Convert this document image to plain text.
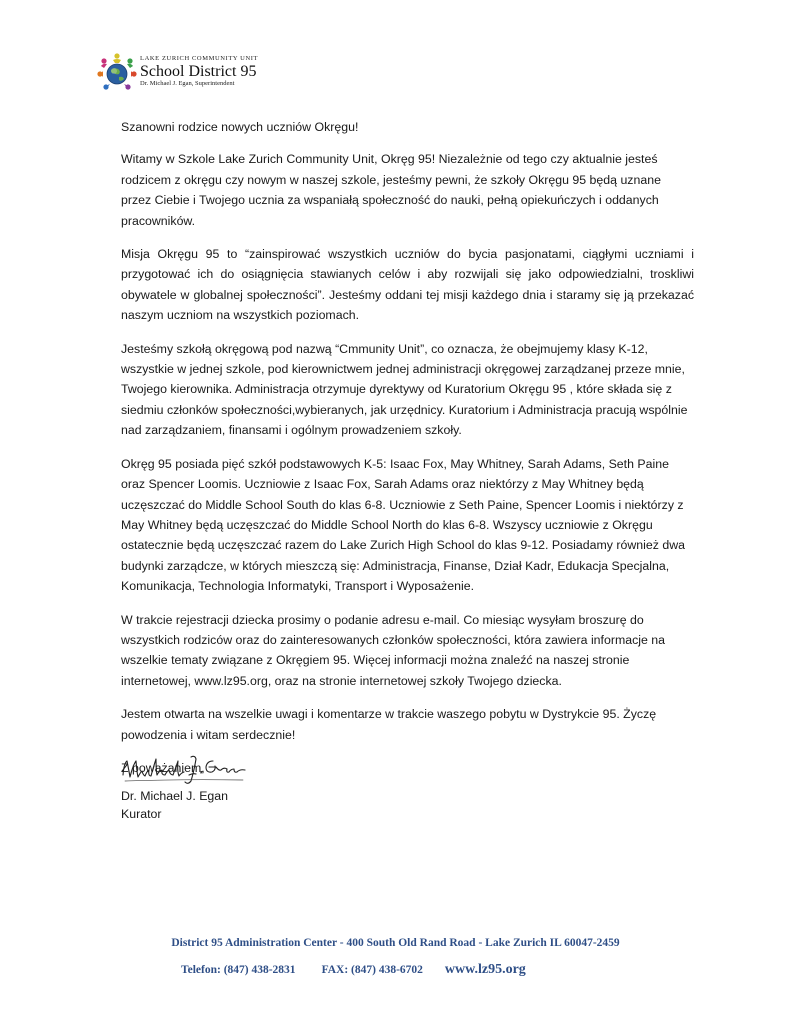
LAKE ZURICH COMMUNITY UNIT
School District 95
Dr. Michael J. Egan, Superintendent

Szanowni rodzice nowych uczniów Okręgu!

Witamy w Szkole Lake Zurich Community Unit, Okręg 95! Niezależnie od tego czy aktualnie jesteś rodzicem z okręgu czy nowym w naszej szkole, jesteśmy pewni, że szkoły Okręgu 95 będą uznane przez Ciebie i Twojego ucznia za wspaniałą społeczność do nauki, pełną opiekuńczych i oddanych pracowników.

Misja Okręgu 95 to “zainspirować wszystkich uczniów do bycia pasjonatami, ciągłymi uczniami i przygotować ich do osiągnięcia stawianych celów i aby rozwijali się jako odpowiedzialni, troskliwi obywatele w globalnej społeczności”. Jesteśmy oddani tej misji każdego dnia i staramy się ją przekazać naszym uczniom na wszystkich poziomach.

Jesteśmy szkołą okręgową pod nazwą “Cmmunity Unit”, co oznacza, że obejmujemy klasy K-12, wszystkie w jednej szkole, pod kierownictwem jednej administracji okręgowej zarządzanej przeze mnie, Twojego kierownika. Administracja otrzymuje dyrektywy od Kuratorium Okręgu 95 , które składa się z siedmiu członków społeczności,wybieranych, jak urzędnicy. Kuratorium i Administracja pracują wspólnie nad zarządzaniem, finansami i ogólnym prowadzeniem szkoły.

Okręg 95 posiada pięć szkół podstawowych K-5: Isaac Fox, May Whitney, Sarah Adams, Seth Paine oraz Spencer Loomis. Uczniowie z Isaac Fox, Sarah Adams oraz niektórzy z May Whitney będą uczęszczać do Middle School South do klas 6-8. Uczniowie z Seth Paine, Spencer Loomis i niektórzy z May Whitney będą uczęszczać do Middle School North do klas 6-8. Wszyscy uczniowie z Okręgu ostatecznie będą uczęszczać razem do Lake Zurich High School do klas 9-12. Posiadamy również dwa budynki zarządcze, w których mieszczą się: Administracja, Finanse, Dział Kadr, Edukacja Specjalna, Komunikacja, Technologia Informatyki, Transport i Wyposażenie.

W trakcie rejestracji dziecka prosimy o podanie adresu e-mail. Co miesiąc wysyłam broszurę do wszystkich rodziców oraz do zainteresowanych członków społeczności, która zawiera informacje na wszelkie tematy związane z Okręgiem 95. Więcej informacji można znaleźć na naszej stronie internetowej, www.lz95.org, oraz na stronie internetowej szkoły Twojego dziecka.

Jestem otwarta na wszelkie uwagi i komentarze w trakcie waszego pobytu w Dystrykcie 95. Życzę powodzenia i witam serdecznie!

Z poważaniem,

Dr. Michael J. Egan
Kurator
District 95 Administration Center - 400 South Old Rand Road - Lake Zurich IL 60047-2459
Telefon: (847) 438-2831 FAX: (847) 438-6702 www.lz95.org
